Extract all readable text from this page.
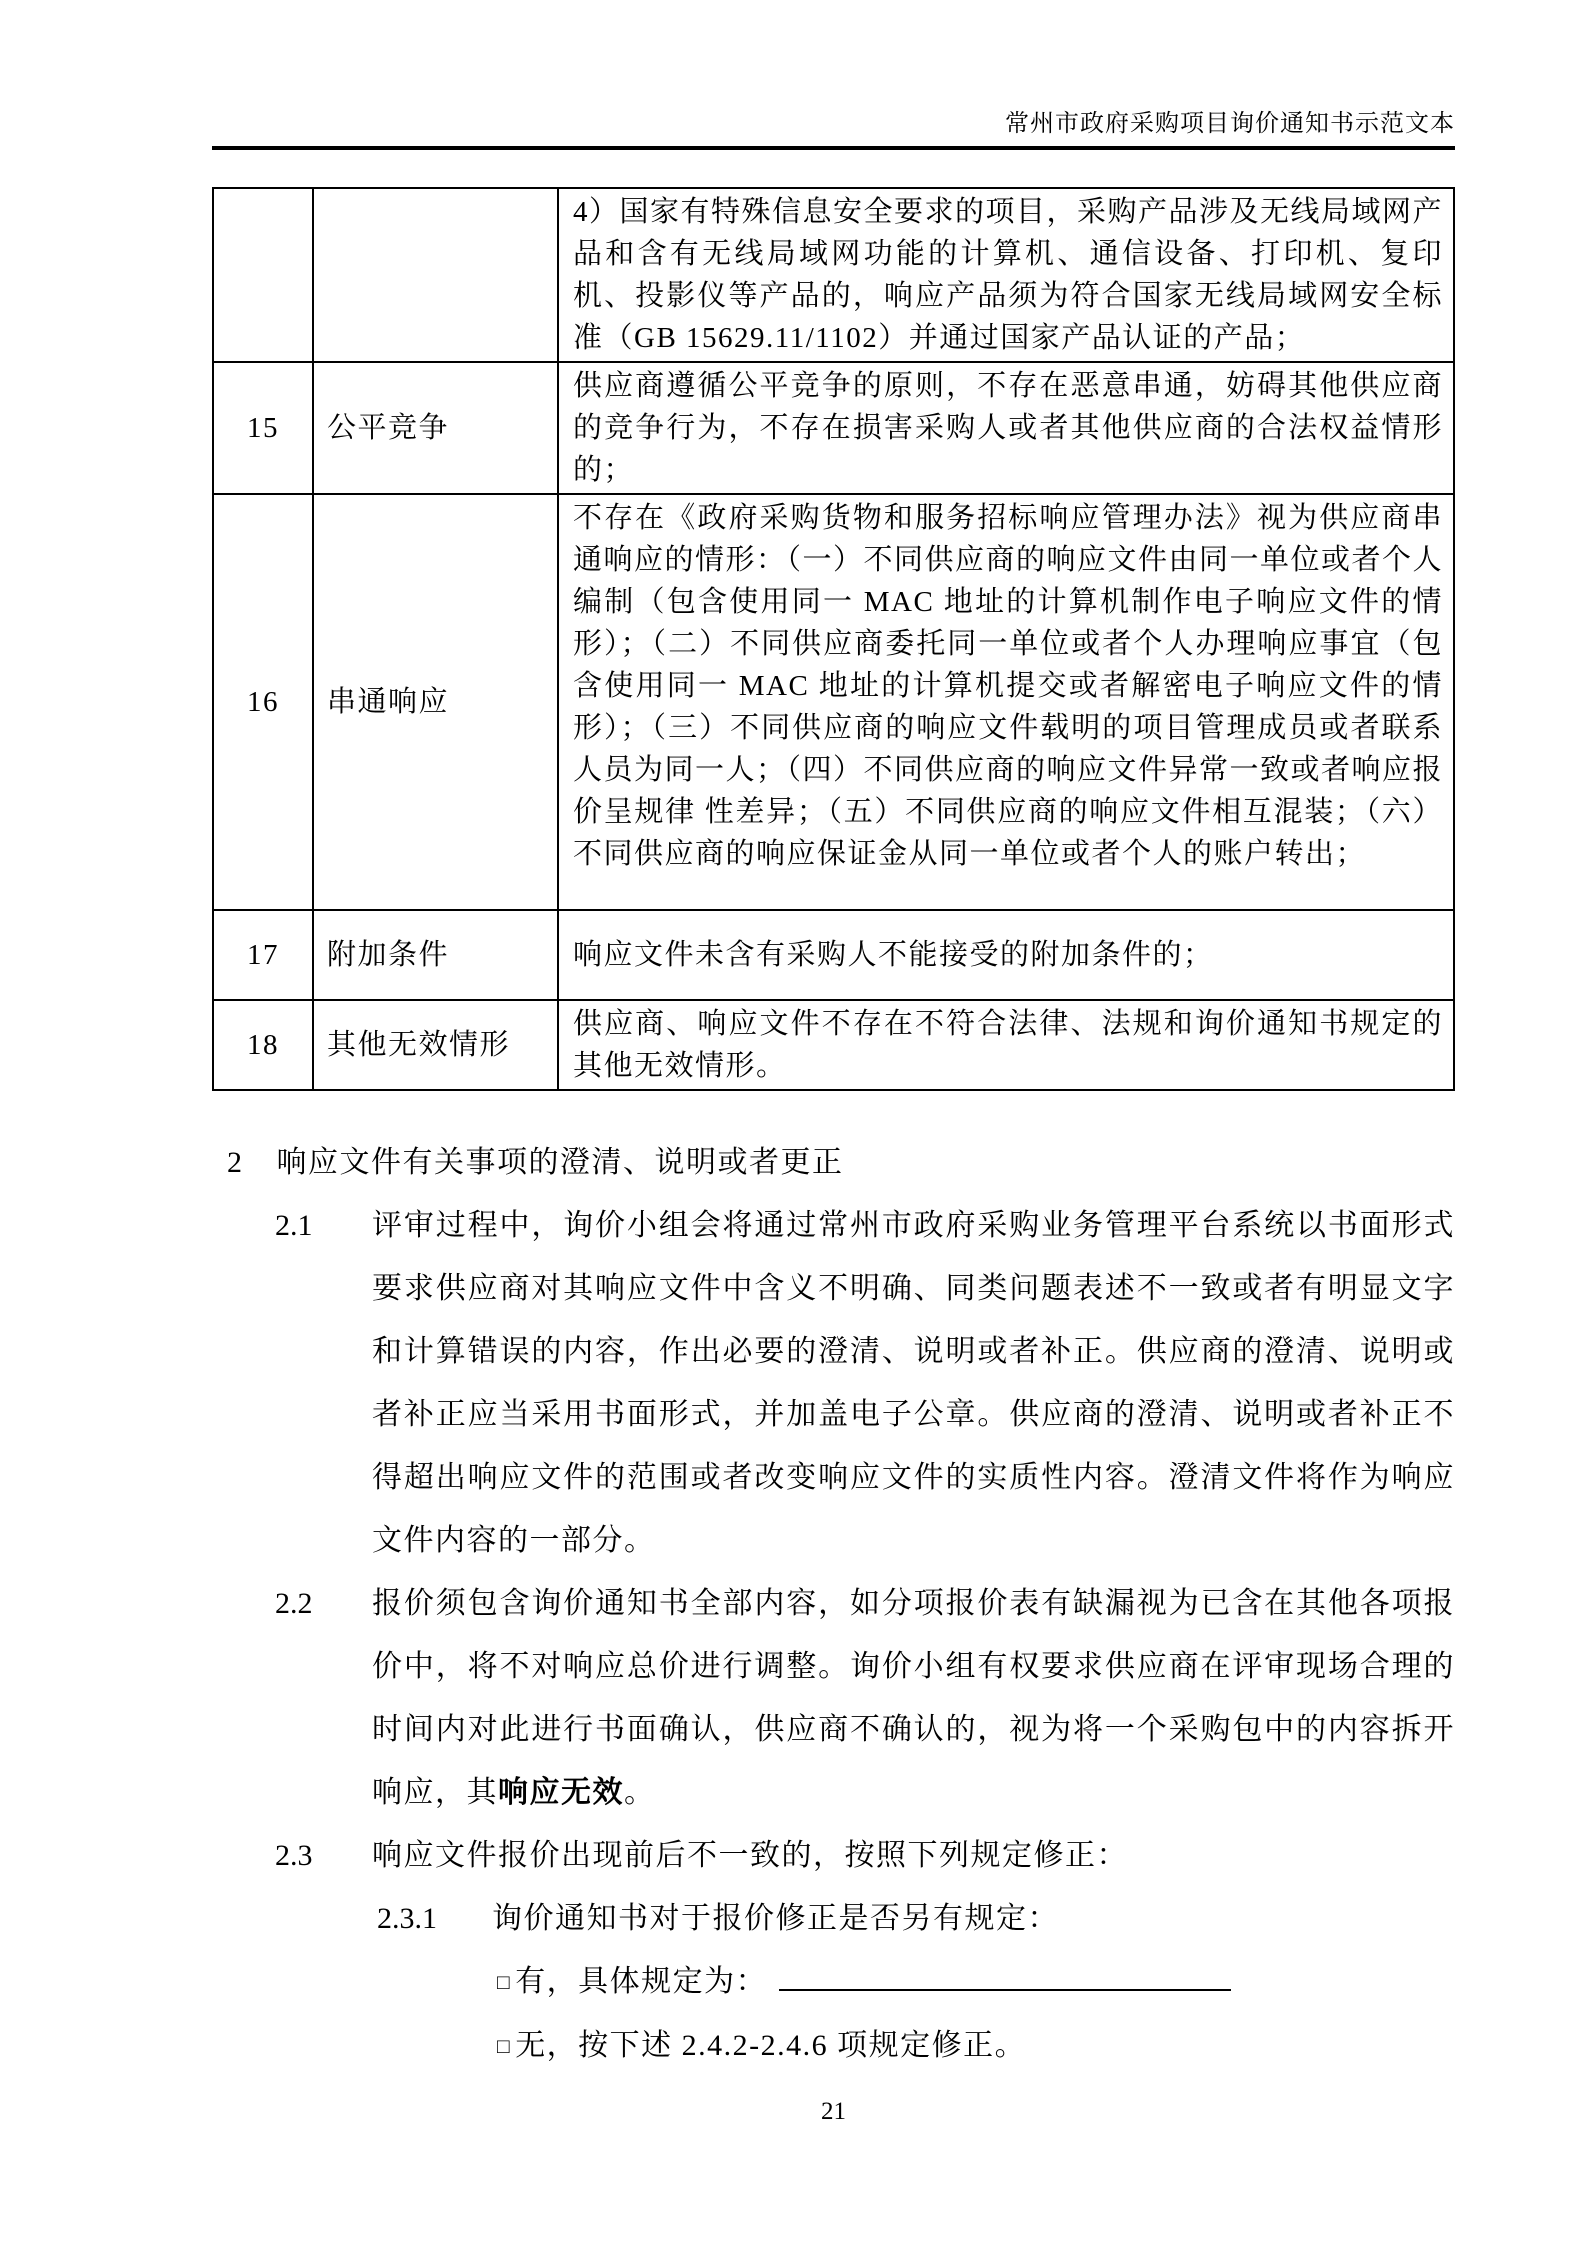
常州市政府采购项目询价通知书示范文本
		4）国家有特殊信息安全要求的项目，采购产品涉及无线局域网产品和含有无线局域网功能的计算机、通信设备、打印机、复印机、投影仪等产品的，响应产品须为符合国家无线局域网安全标准（GB 15629.11/1102）并通过国家产品认证的产品；
15	公平竞争	供应商遵循公平竞争的原则，不存在恶意串通，妨碍其他供应商的竞争行为，不存在损害采购人或者其他供应商的合法权益情形的；
16	串通响应	不存在《政府采购货物和服务招标响应管理办法》视为供应商串通响应的情形：（一）不同供应商的响应文件由同一单位或者个人编制（包含使用同一 MAC 地址的计算机制作电子响应文件的情形）；（二）不同供应商委托同一单位或者个人办理响应事宜（包含使用同一 MAC 地址的计算机提交或者解密电子响应文件的情形）；（三）不同供应商的响应文件载明的项目管理成员或者联系人员为同一人；（四）不同供应商的响应文件异常一致或者响应报价呈规律 性差异；（五）不同供应商的响应文件相互混装；（六）不同供应商的响应保证金从同一单位或者个人的账户转出；
17	附加条件	响应文件未含有采购人不能接受的附加条件的；
18	其他无效情形	供应商、响应文件不存在不符合法律、法规和询价通知书规定的其他无效情形。
2 响应文件有关事项的澄清、说明或者更正
2.1	评审过程中，询价小组会将通过常州市政府采购业务管理平台系统以书面形式要求供应商对其响应文件中含义不明确、同类问题表述不一致或者有明显文字和计算错误的内容，作出必要的澄清、说明或者补正。供应商的澄清、说明或者补正应当采用书面形式，并加盖电子公章。供应商的澄清、说明或者补正不得超出响应文件的范围或者改变响应文件的实质性内容。澄清文件将作为响应文件内容的一部分。
2.2	报价须包含询价通知书全部内容，如分项报价表有缺漏视为已含在其他各项报价中，将不对响应总价进行调整。询价小组有权要求供应商在评审现场合理的时间内对此进行书面确认，供应商不确认的，视为将一个采购包中的内容拆开响应，其响应无效。
2.3	响应文件报价出现前后不一致的，按照下列规定修正：
2.3.1	询价通知书对于报价修正是否另有规定：
□ 有，具体规定为：
□ 无，按下述 2.4.2-2.4.6 项规定修正。
21
